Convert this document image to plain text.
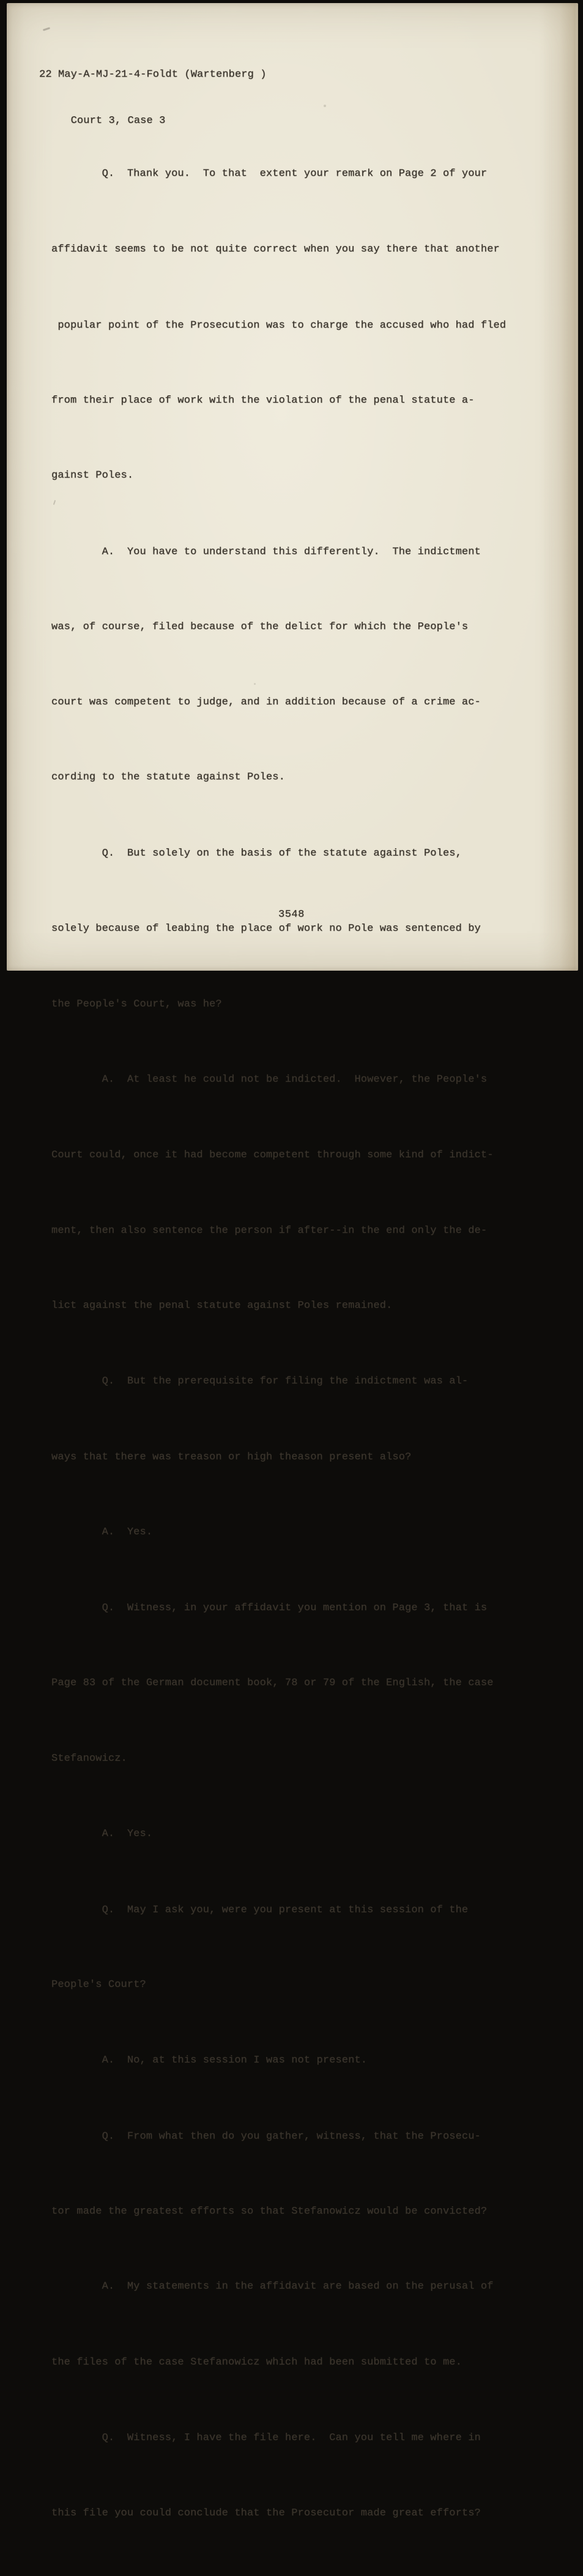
22 May-A-MJ-21-4-Foldt (Wartenberg )

Court 3, Case 3

Q.  Thank you.  To that  extent your remark on Page 2 of your

affidavit seems to be not quite correct when you say there that another

popular point of the Prosecution was to charge the accused who had fled

from their place of work with the violation of the penal statute a-

gainst Poles.

A.  You have to understand this differently.  The indictment

was, of course, filed because of the delict for which the People's

court was competent to judge, and in addition because of a crime ac-

cording to the statute against Poles.

Q.  But solely on the basis of the statute against Poles,

solely because of leabing the place of work no Pole was sentenced by

the People's Court, was he?

A.  At least he could not be indicted.  However, the People's

Court could, once it had become competent through some kind of indict-

ment, then also sentence the person if after--in the end only the de-

lict against the penal statute against Poles remained.

Q.  But the prerequisite for filing the indictment was al-

ways that there was treason or high theason present also?

A.  Yes.

Q.  Witness, in your affidavit you mention on Page 3, that is

Page 83 of the German document book, 78 or 79 of the English, the case

Stefanowicz.

A.  Yes.

Q.  May I ask you, were you present at this session of the

People's Court?

A.  No, at this session I was not present.

Q.  From what then do you gather, witness, that the Prosecu-

tor made the greatest efforts so that Stefanowicz would be convicted?

A.  My statements in the affidavit are based on the perusal of

the files of the case Stefanowicz which had been submitted to me.

Q.  Witness, I have the file here.  Can you tell me where in

this file you could conclude that the Prosecutor made great efforts?

3548
